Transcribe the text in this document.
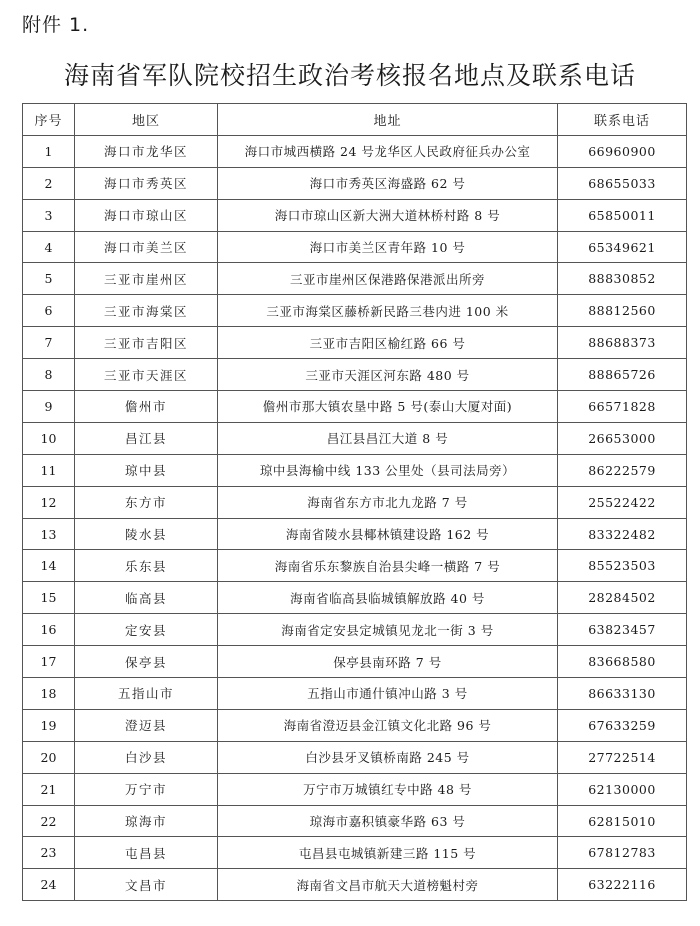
附件 1.
海南省军队院校招生政治考核报名地点及联系电话
序号	地区	地址	联系电话
1	海口市龙华区	海口市城西横路 24 号龙华区人民政府征兵办公室	66960900
2	海口市秀英区	海口市秀英区海盛路 62 号	68655033
3	海口市琼山区	海口市琼山区新大洲大道林桥村路 8 号	65850011
4	海口市美兰区	海口市美兰区青年路 10 号	65349621
5	三亚市崖州区	三亚市崖州区保港路保港派出所旁	88830852
6	三亚市海棠区	三亚市海棠区藤桥新民路三巷内进 100 米	88812560
7	三亚市吉阳区	三亚市吉阳区榆红路 66 号	88688373
8	三亚市天涯区	三亚市天涯区河东路 480 号	88865726
9	儋州市	儋州市那大镇农垦中路 5 号(泰山大厦对面)	66571828
10	昌江县	昌江县昌江大道 8 号	26653000
11	琼中县	琼中县海榆中线 133 公里处（县司法局旁）	86222579
12	东方市	海南省东方市北九龙路 7 号	25522422
13	陵水县	海南省陵水县椰林镇建设路 162 号	83322482
14	乐东县	海南省乐东黎族自治县尖峰一横路 7 号	85523503
15	临高县	海南省临高县临城镇解放路 40 号	28284502
16	定安县	海南省定安县定城镇见龙北一街 3 号	63823457
17	保亭县	保亭县南环路 7 号	83668580
18	五指山市	五指山市通什镇冲山路 3 号	86633130
19	澄迈县	海南省澄迈县金江镇文化北路 96 号	67633259
20	白沙县	白沙县牙叉镇桥南路 245 号	27722514
21	万宁市	万宁市万城镇红专中路 48 号	62130000
22	琼海市	琼海市嘉积镇豪华路 63 号	62815010
23	屯昌县	屯昌县屯城镇新建三路 115 号	67812783
24	文昌市	海南省文昌市航天大道榜魁村旁	63222116
